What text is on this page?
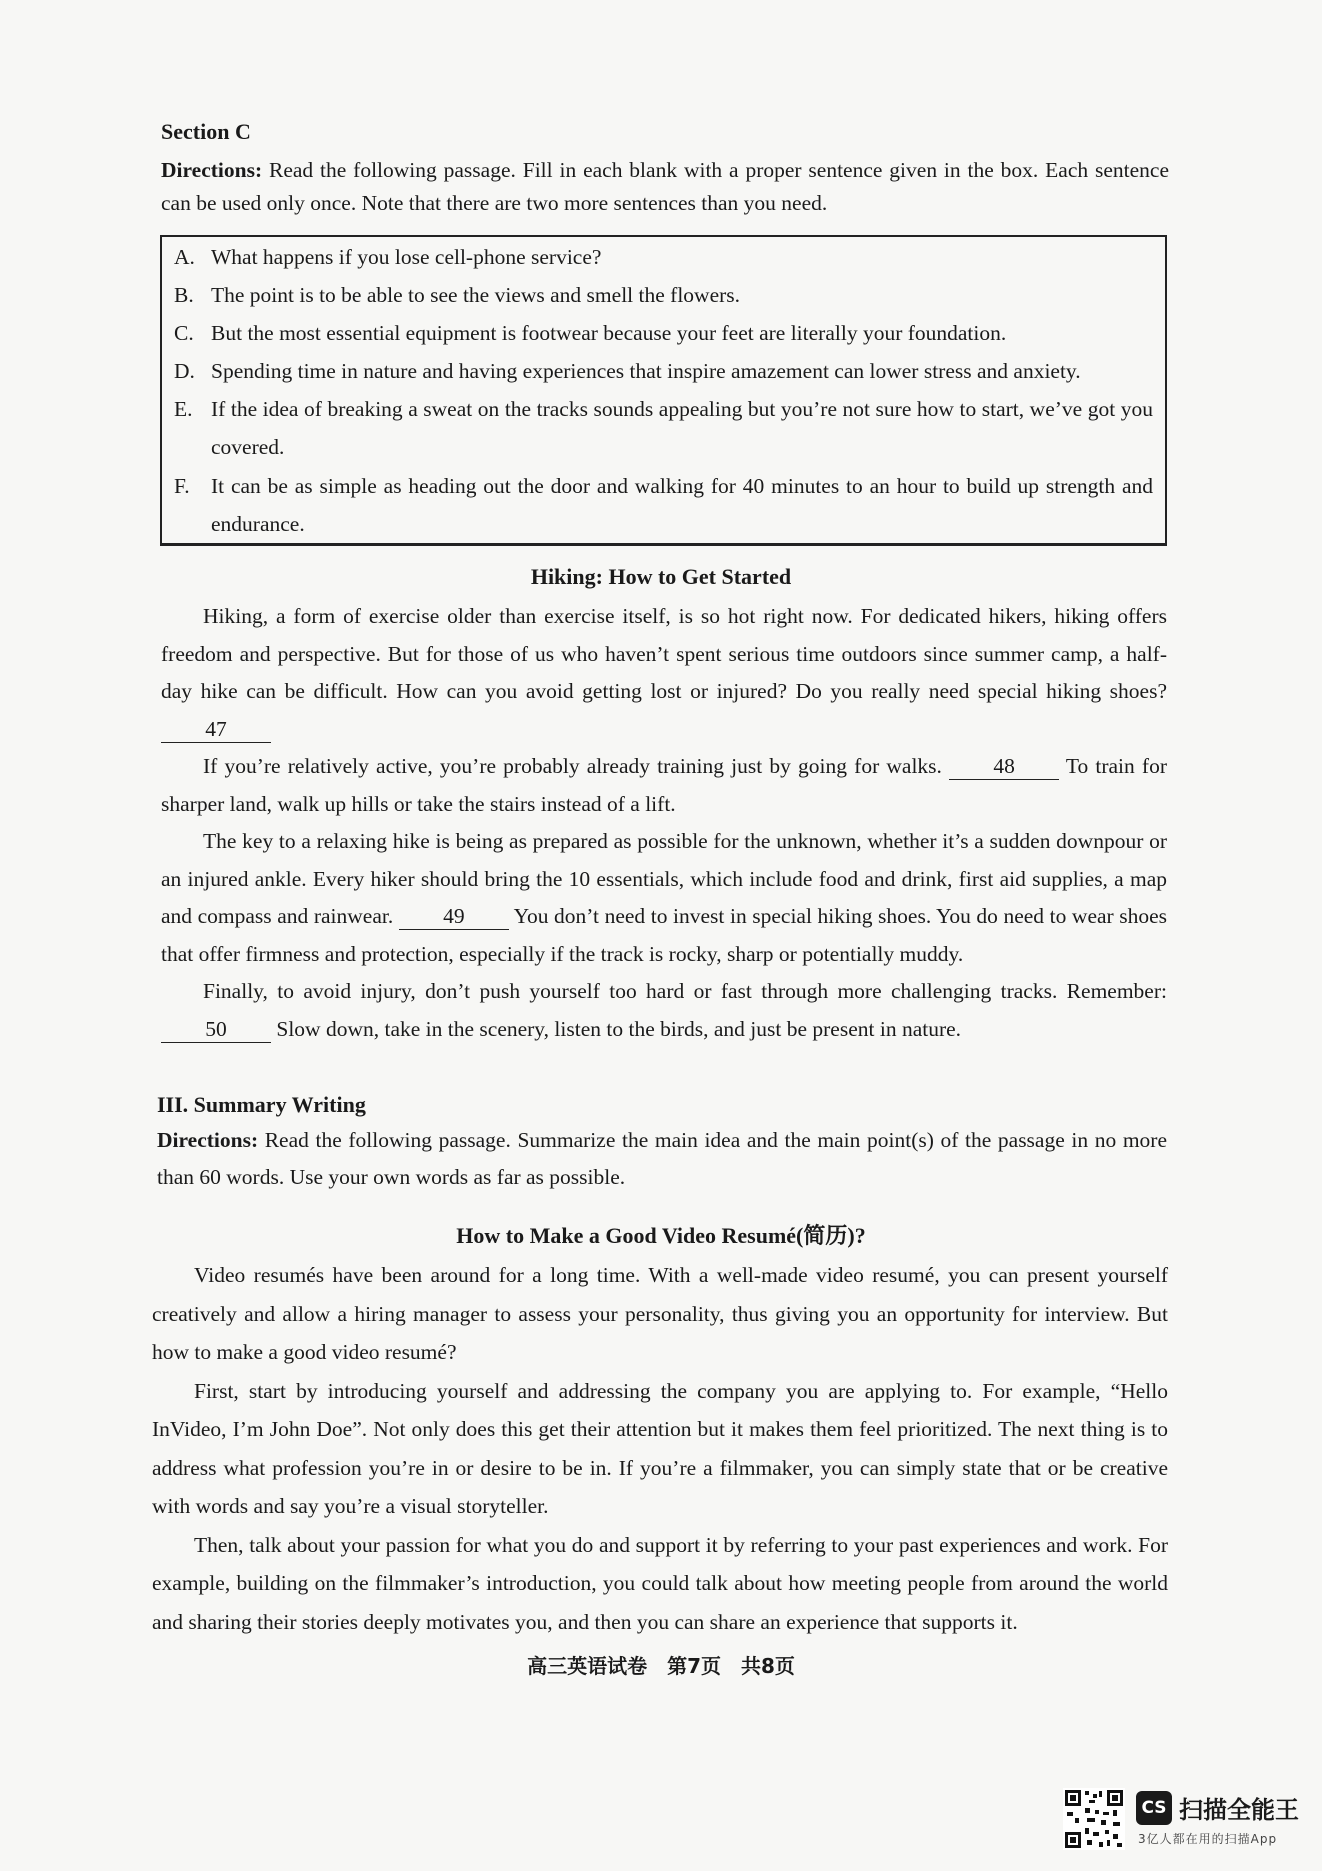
Section C
Directions: Read the following passage. Fill in each blank with a proper sentence given in the box. Each sentence can be used only once. Note that there are two more sentences than you need.
A. What happens if you lose cell-phone service?
B. The point is to be able to see the views and smell the flowers.
C. But the most essential equipment is footwear because your feet are literally your foundation.
D. Spending time in nature and having experiences that inspire amazement can lower stress and anxiety.
E. If the idea of breaking a sweat on the tracks sounds appealing but you’re not sure how to start, we’ve got you covered.
F. It can be as simple as heading out the door and walking for 40 minutes to an hour to build up strength and endurance.
Hiking: How to Get Started

Hiking, a form of exercise older than exercise itself, is so hot right now. For dedicated hikers, hiking offers freedom and perspective. But for those of us who haven’t spent serious time outdoors since summer camp, a half-day hike can be difficult. How can you avoid getting lost or injured? Do you really need special hiking shoes? 47

If you’re relatively active, you’re probably already training just by going for walks. 48 To train for sharper land, walk up hills or take the stairs instead of a lift.

The key to a relaxing hike is being as prepared as possible for the unknown, whether it’s a sudden downpour or an injured ankle. Every hiker should bring the 10 essentials, which include food and drink, first aid supplies, a map and compass and rainwear. 49 You don’t need to invest in special hiking shoes. You do need to wear shoes that offer firmness and protection, especially if the track is rocky, sharp or potentially muddy.

Finally, to avoid injury, don’t push yourself too hard or fast through more challenging tracks. Remember: 50 Slow down, take in the scenery, listen to the birds, and just be present in nature.

III. Summary Writing
Directions: Read the following passage. Summarize the main idea and the main point(s) of the passage in no more than 60 words. Use your own words as far as possible.
How to Make a Good Video Resumé(简历)?

Video resumés have been around for a long time. With a well-made video resumé, you can present yourself creatively and allow a hiring manager to assess your personality, thus giving you an opportunity for interview. But how to make a good video resumé?

First, start by introducing yourself and addressing the company you are applying to. For example, “Hello InVideo, I’m John Doe”. Not only does this get their attention but it makes them feel prioritized. The next thing is to address what profession you’re in or desire to be in. If you’re a filmmaker, you can simply state that or be creative with words and say you’re a visual storyteller.

Then, talk about your passion for what you do and support it by referring to your past experiences and work. For example, building on the filmmaker’s introduction, you could talk about how meeting people from around the world and sharing their stories deeply motivates you, and then you can share an experience that supports it.

高三英语试卷　第7页　共8页
CS 扫描全能王
3亿人都在用的扫描App
